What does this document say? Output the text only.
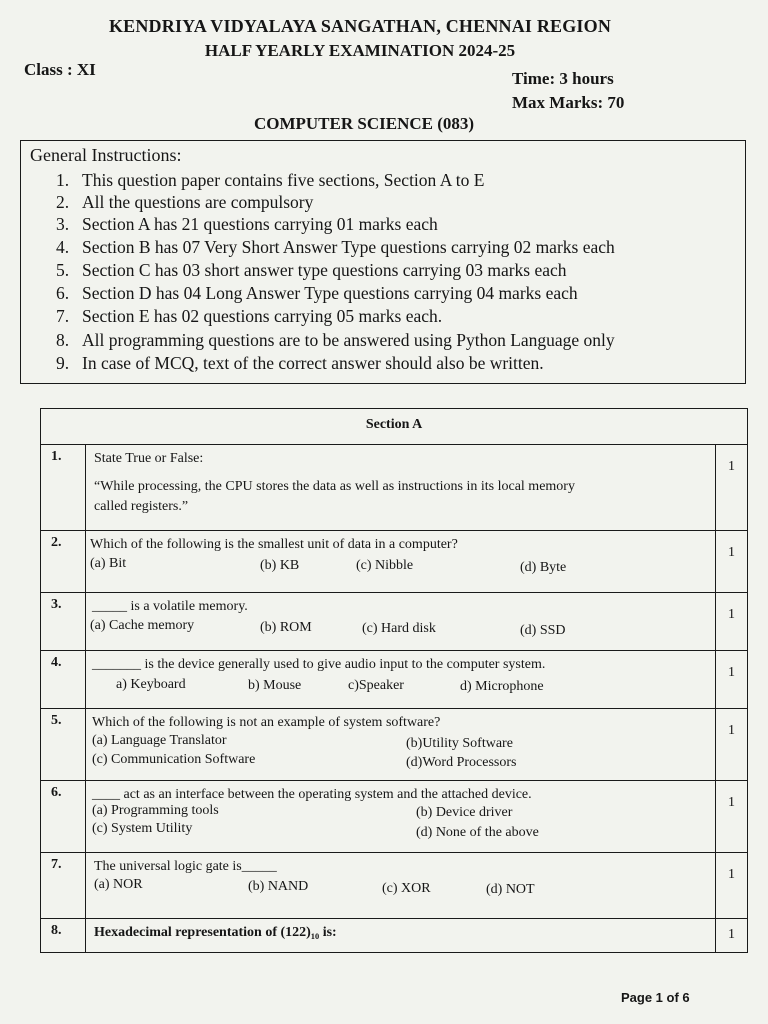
KENDRIYA VIDYALAYA SANGATHAN, CHENNAI REGION
HALF YEARLY EXAMINATION 2024-25
Class : XI	Time: 3 hours
Max Marks: 70
COMPUTER SCIENCE (083)
General Instructions:
1. This question paper contains five sections, Section A to E
2. All the questions are compulsory
3. Section A has 21 questions carrying 01 marks each
4. Section B has 07 Very Short Answer Type questions carrying 02 marks each
5. Section C has 03 short answer type questions carrying 03 marks each
6. Section D has 04 Long Answer Type questions carrying 04 marks each
7. Section E has 02 questions carrying 05 marks each.
8. All programming questions are to be answered using Python Language only
9. In case of MCQ, text of the correct answer should also be written.
Section A		
1.	State True or False:
“While processing, the CPU stores the data as well as instructions in its local memory
called registers.”	1
2.	Which of the following is the smallest unit of data in a computer?
(a) Bit (b) KB (c) Nibble (d) Byte	1
3.	_____ is a volatile memory.
(a) Cache memory (b) ROM (c) Hard disk (d) SSD	1
4.	_______ is the device generally used to give audio input to the computer system.
a) Keyboard b) Mouse c)Speaker d) Microphone	1
5.	Which of the following is not an example of system software?
(a) Language Translator (b)Utility Software
(c) Communication Software (d)Word Processors	1
6.	____ act as an interface between the operating system and the attached device.
(a) Programming tools (b) Device driver
(c) System Utility (d) None of the above	1
7.	The universal logic gate is_____
(a) NOR (b) NAND (c) XOR (d) NOT	1
8.	Hexadecimal representation of (122)₁₀ is:	1
Page 1 of 6
